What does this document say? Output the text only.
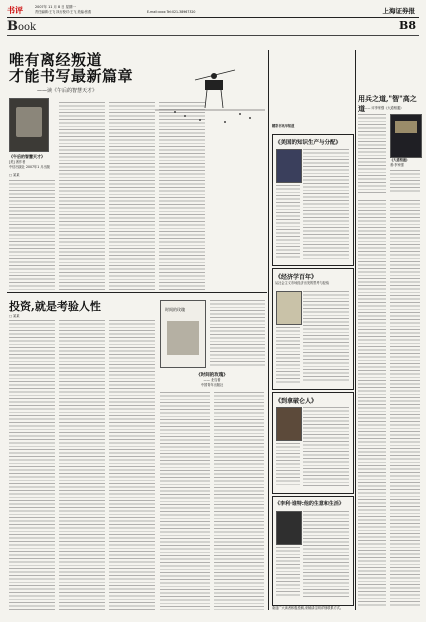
书评	2007年 11 月 8 日 星期一
责任编辑:王飞 执行校对:王飞 美编:张燕	E-mail:xxxx Tel:021-38967320	上海证券报
Book	B8
唯有离经叛道
才能书写最新篇章
——读《午后的智慧天才》
《午后的智慧天才》
[美] 著作者
中信出版社 2007年1 月出版
□ 某某
投资,就是考验人性
□ 某某
时间的玫瑰
《时间的玫瑰》
—— 北岛著
中国青年出版社
精彩书讯早知道
《美国的知识生产与分配》
《经济学百年》
从社会主义市场经济出发的思考与经验
《到拿破仑人》
《李利·谁特:他的生意和生活》
欢迎广大读者积极投稿,来稿请注明详细联系方式。
用兵之道,"智"高之道 —— 评李家强《大道相通》
《大道相通》
著:李家强
